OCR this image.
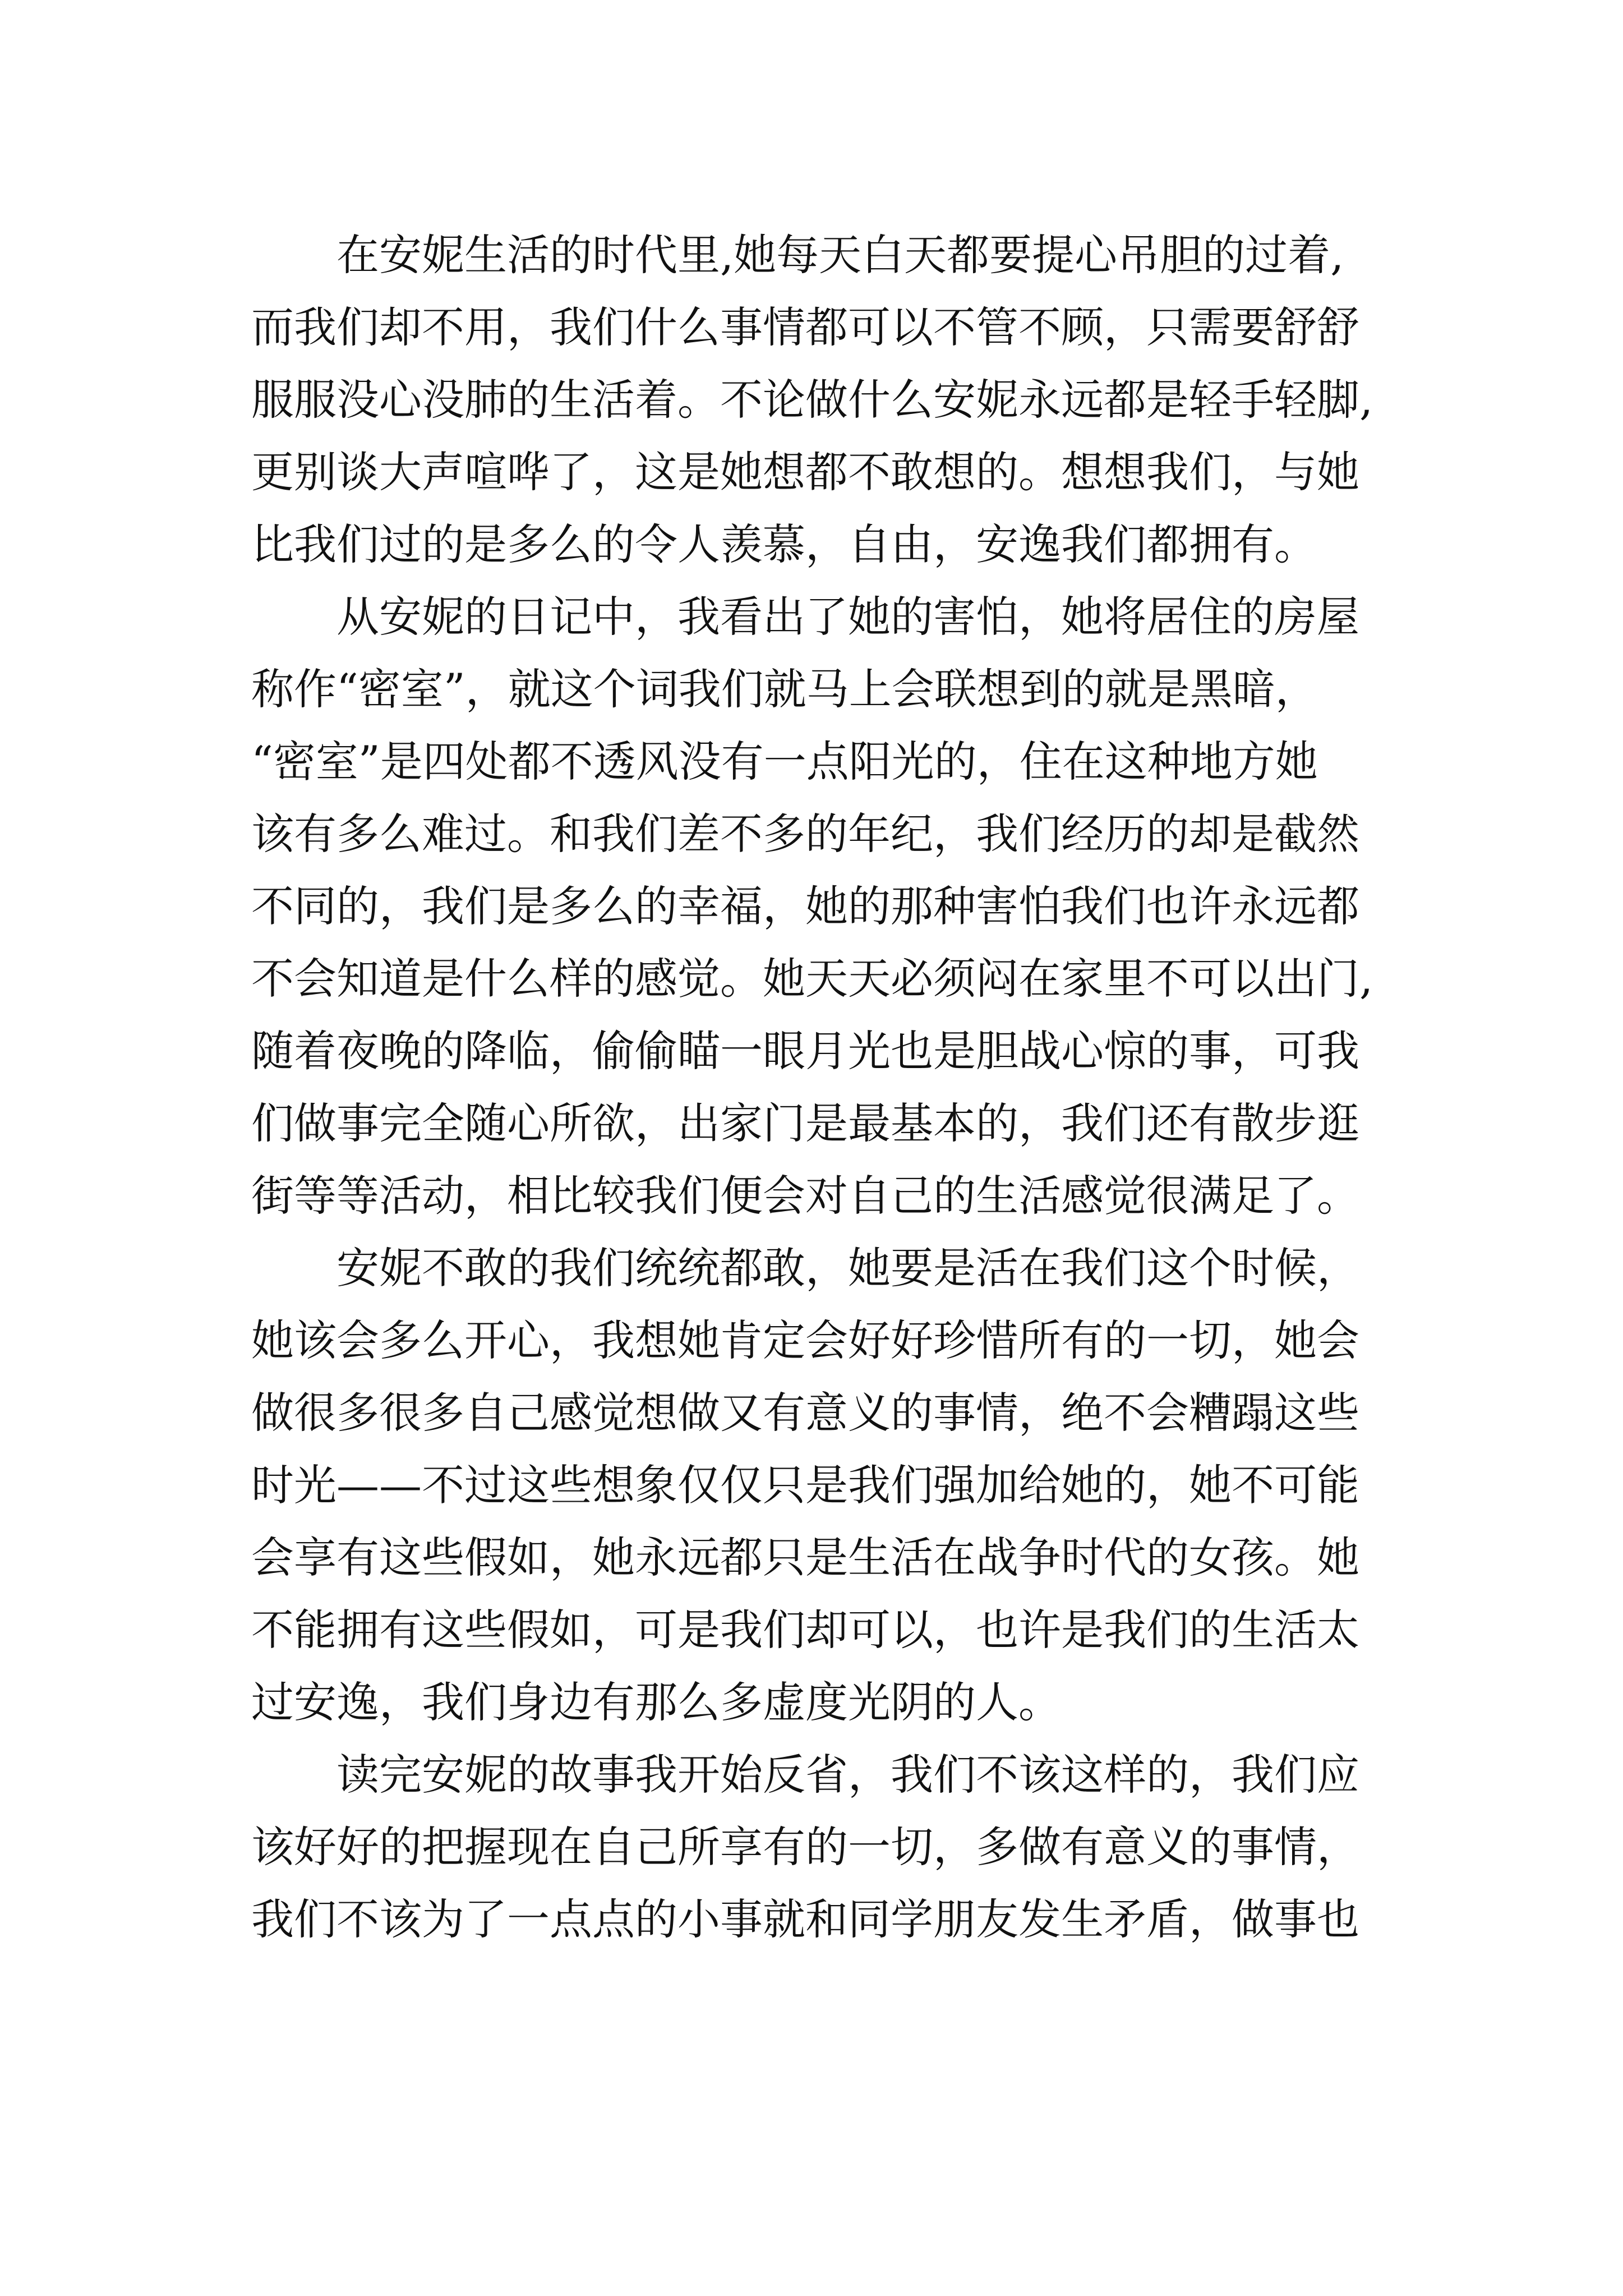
　　在安妮生活的时代里,她每天白天都要提心吊胆的过着,
而我们却不用，我们什么事情都可以不管不顾，只需要舒舒
服服没心没肺的生活着。不论做什么安妮永远都是轻手轻脚,
更别谈大声喧哗了，这是她想都不敢想的。想想我们，与她
比我们过的是多么的令人羡慕，自由，安逸我们都拥有。
　　从安妮的日记中，我看出了她的害怕，她将居住的房屋
称作“密室”，就这个词我们就马上会联想到的就是黑暗，
“密室”是四处都不透风没有一点阳光的，住在这种地方她
该有多么难过。和我们差不多的年纪，我们经历的却是截然
不同的，我们是多么的幸福，她的那种害怕我们也许永远都
不会知道是什么样的感觉。她天天必须闷在家里不可以出门,
随着夜晚的降临，偷偷瞄一眼月光也是胆战心惊的事，可我
们做事完全随心所欲，出家门是最基本的，我们还有散步逛
街等等活动，相比较我们便会对自己的生活感觉很满足了。
　　安妮不敢的我们统统都敢，她要是活在我们这个时候，
她该会多么开心，我想她肯定会好好珍惜所有的一切，她会
做很多很多自己感觉想做又有意义的事情，绝不会糟蹋这些
时光——不过这些想象仅仅只是我们强加给她的，她不可能
会享有这些假如，她永远都只是生活在战争时代的女孩。她
不能拥有这些假如，可是我们却可以，也许是我们的生活太
过安逸，我们身边有那么多虚度光阴的人。
　　读完安妮的故事我开始反省，我们不该这样的，我们应
该好好的把握现在自己所享有的一切，多做有意义的事情，
我们不该为了一点点的小事就和同学朋友发生矛盾，做事也
